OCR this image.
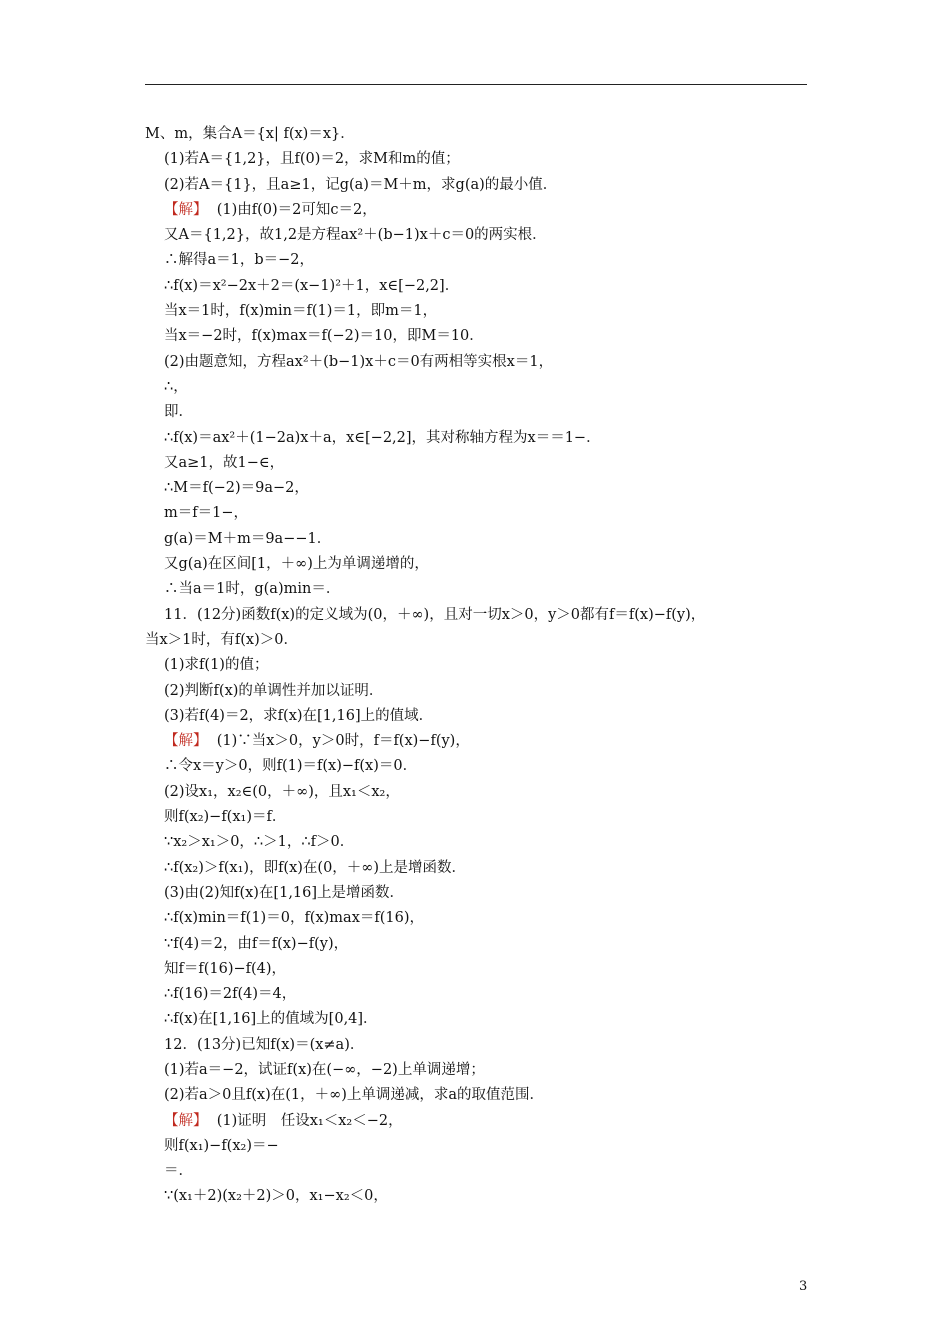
M、m，集合A＝{x| f(x)＝x}．
(1)若A＝{1,2}，且f(0)＝2，求M和m的值；
(2)若A＝{1}，且a≥1，记g(a)＝M＋m，求g(a)的最小值．
【解】  (1)由f(0)＝2可知c＝2，
又A＝{1,2}，故1,2是方程ax²＋(b−1)x＋c＝0的两实根．
∴解得a＝1，b＝−2，
∴f(x)＝x²−2x＋2＝(x−1)²＋1，x∈[−2,2]．
当x＝1时，f(x)min＝f(1)＝1，即m＝1，
当x＝−2时，f(x)max＝f(−2)＝10，即M＝10．
(2)由题意知，方程ax²＋(b−1)x＋c＝0有两相等实根x＝1，
∴，
即．
∴f(x)＝ax²＋(1−2a)x＋a，x∈[−2,2]，其对称轴方程为x＝＝1−．
又a≥1，故1−∈，
∴M＝f(−2)＝9a−2，
m＝f＝1−，
g(a)＝M＋m＝9a−−1．
又g(a)在区间[1，＋∞)上为单调递增的，
∴当a＝1时，g(a)min＝．
11．(12分)函数f(x)的定义域为(0，＋∞)，且对一切x＞0，y＞0都有f＝f(x)−f(y)，
当x＞1时，有f(x)＞0．
(1)求f(1)的值；
(2)判断f(x)的单调性并加以证明．
(3)若f(4)＝2，求f(x)在[1,16]上的值域．
【解】  (1)∵当x＞0，y＞0时，f＝f(x)−f(y)，
∴令x＝y＞0，则f(1)＝f(x)−f(x)＝0．
(2)设x₁，x₂∈(0，＋∞)，且x₁＜x₂，
则f(x₂)−f(x₁)＝f．
∵x₂＞x₁＞0，∴＞1，∴f＞0．
∴f(x₂)＞f(x₁)，即f(x)在(0，＋∞)上是增函数．
(3)由(2)知f(x)在[1,16]上是增函数．
∴f(x)min＝f(1)＝0，f(x)max＝f(16)，
∵f(4)＝2，由f＝f(x)−f(y)，
知f＝f(16)−f(4)，
∴f(16)＝2f(4)＝4，
∴f(x)在[1,16]上的值域为[0,4]．
12．(13分)已知f(x)＝(x≠a)．
(1)若a＝−2，试证f(x)在(−∞，−2)上单调递增；
(2)若a＞0且f(x)在(1，＋∞)上单调递减，求a的取值范围．
【解】  (1)证明　任设x₁＜x₂＜−2，
则f(x₁)−f(x₂)＝−
＝．
∵(x₁＋2)(x₂＋2)＞0，x₁−x₂＜0，
3
